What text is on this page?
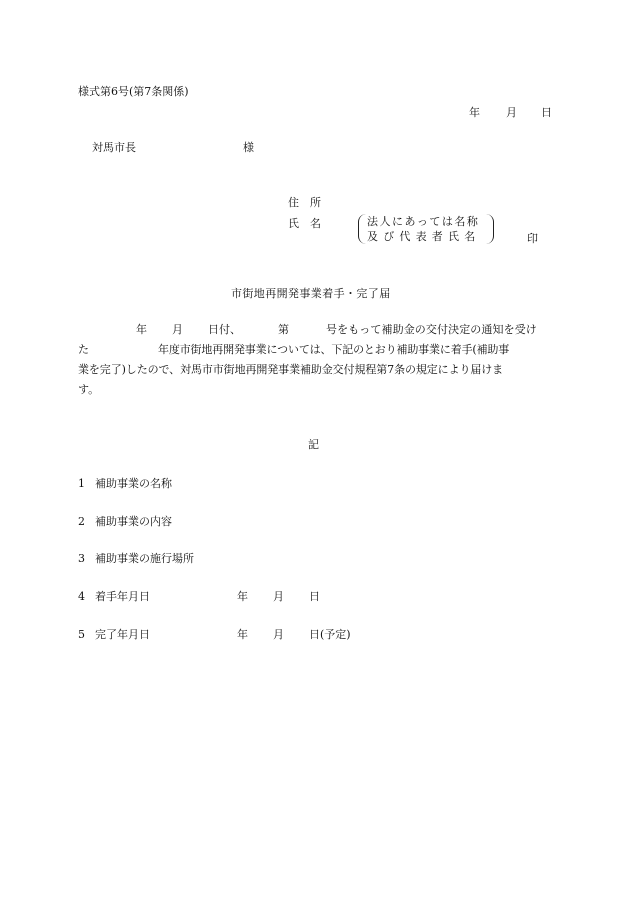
様式第6号(第7条関係)
年 月 日
対馬市長	様
住　所
氏　名	法人にあっては名称
及び代表者氏名	印
市街地再開発事業着手・完了届
年 月 日付、	第	号をもって補助金の交付決定の通知を受け
た	年度市街地再開発事業については、下記のとおり補助事業に着手(補助事
業を完了)したので、対馬市市街地再開発事業補助金交付規程第7条の規定により届けま
す。
記
1 補助事業の名称
2 補助事業の内容
3 補助事業の施行場所
4 着手年月日	年 月 日
5 完了年月日	年 月 日(予定)
